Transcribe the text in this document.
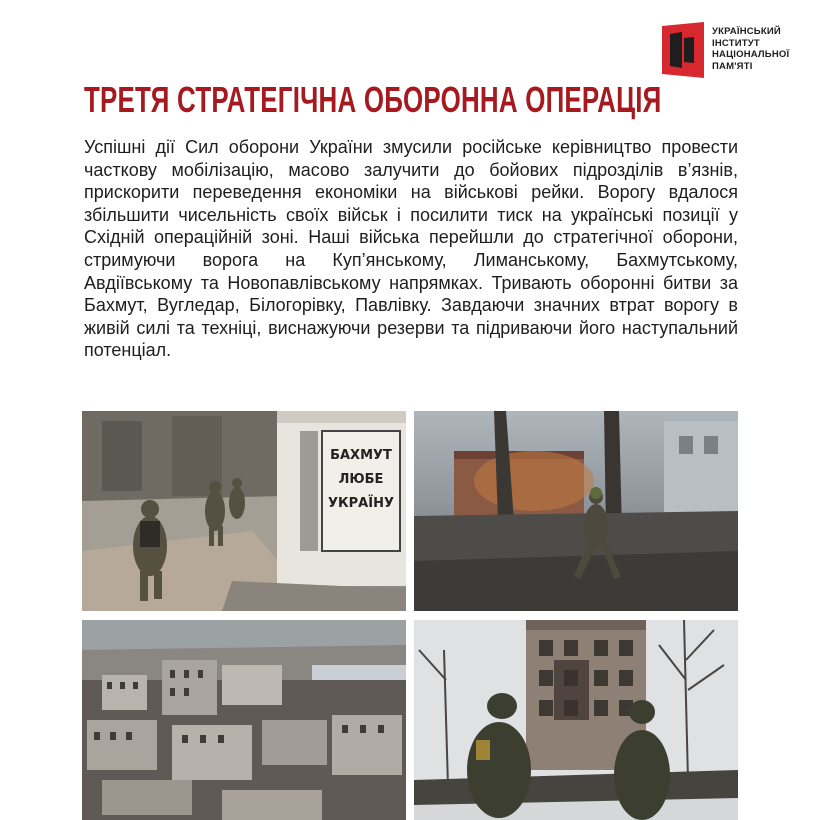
УКРАЇНСЬКИЙ
ІНСТИТУТ
НАЦІОНАЛЬНОЇ
ПАМ'ЯТІ
ТРЕТЯ СТРАТЕГІЧНА ОБОРОННА ОПЕРАЦІЯ

Успішні дії Сил оборони України змусили російське керівництво провести часткову мобілізацію, масово залучити до бойових підрозділів в’язнів, прискорити переведення економіки на військові рейки. Ворогу вдалося збільшити чисельність своїх військ і посилити тиск на українські позиції у Східній операційній зоні. Наші війська перейшли до стратегічної оборони, стримуючи ворога на Куп’янському, Лиманському, Бахмутському, Авдіївському та Новопавлівському напрямках. Тривають оборонні битви за Бахмут, Вугледар, Білогорівку, Павлівку. Завдаючи значних втрат ворогу в живій силі та техніці, виснажуючи резерви та підриваючи його наступальний потенціал.

БАХМУТ
ЛЮБЕ
УКРАЇНУ
